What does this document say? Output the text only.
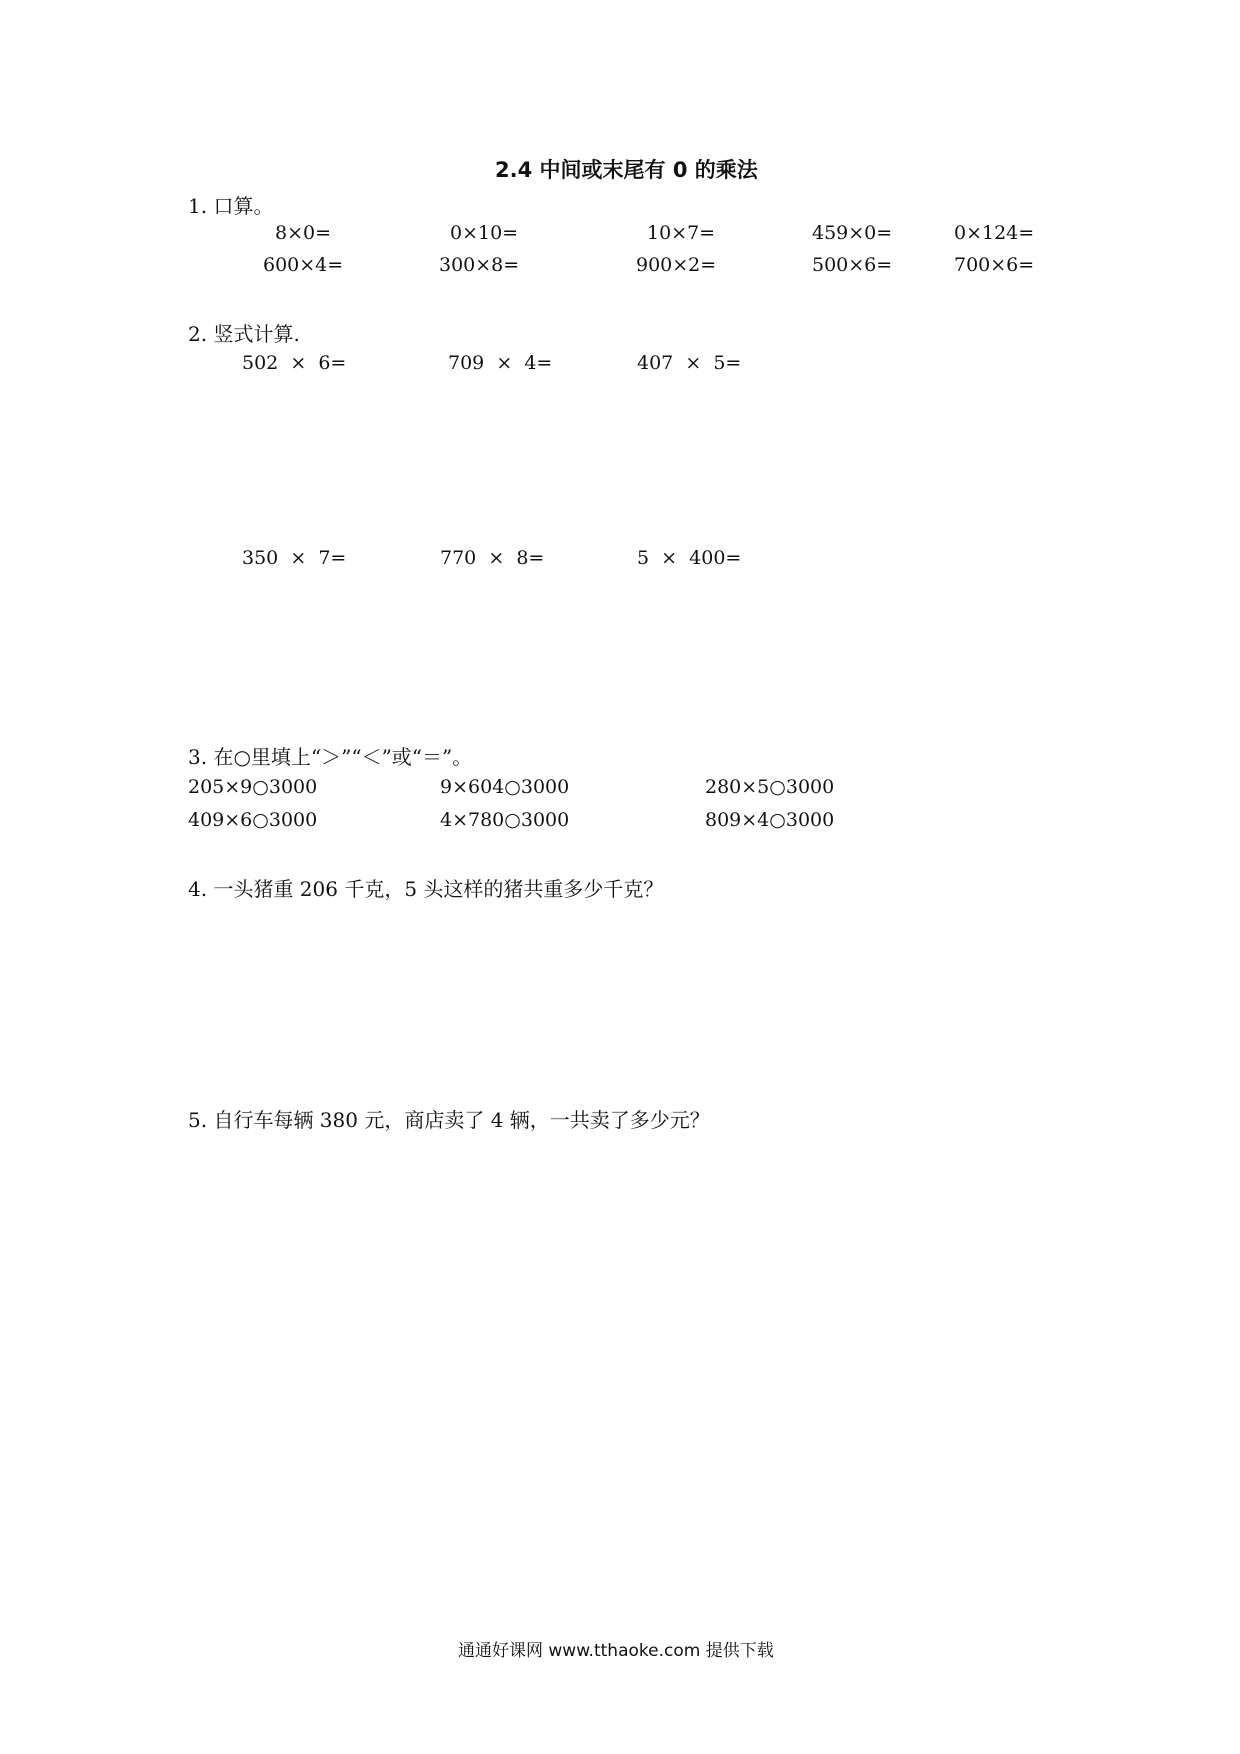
2.4 中间或末尾有 0 的乘法
1. 口算。
8×0=	0×10=	10×7=	459×0=	0×124=
600×4=	300×8=	900×2=	500×6=	700×6=
2. 竖式计算.
502  ×  6=	709  ×  4=	407  ×  5=
350  ×  7=	770  ×  8=	5  ×  400=
3. 在○里填上“＞”“＜”或“＝”。
205×9○3000	9×604○3000	280×5○3000
409×6○3000	4×780○3000	809×4○3000
4. 一头猪重 206 千克，5 头这样的猪共重多少千克？
5. 自行车每辆 380 元，商店卖了 4 辆，一共卖了多少元？
通通好课网 www.tthaoke.com 提供下载
